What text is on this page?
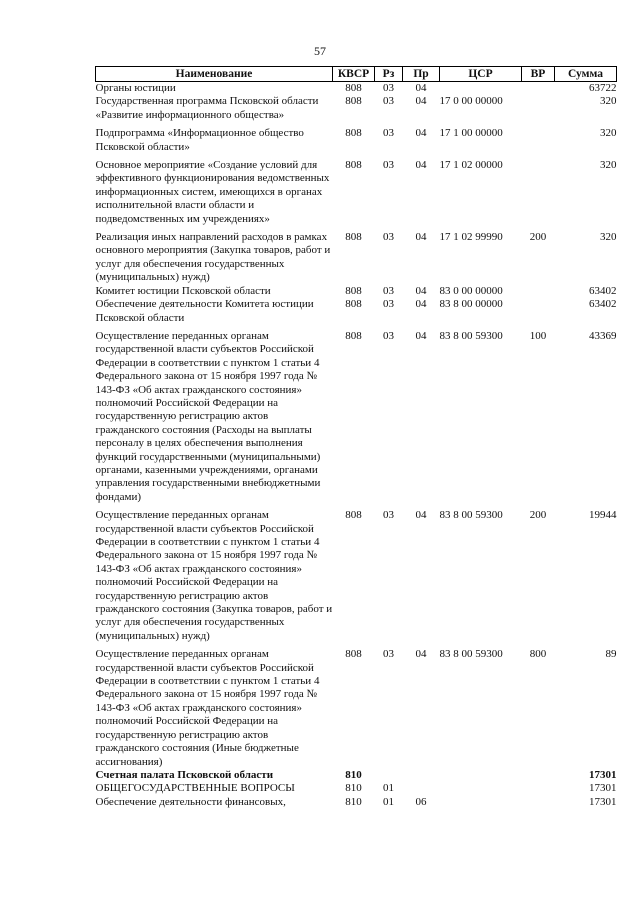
57
Наименование	КВСР	Рз	Пр	ЦСР	ВР	Сумма
Органы юстиции	808	03	04			63722
Государственная программа Псковской области «Развитие информационного общества»	808	03	04	17 0 00 00000		320
Подпрограмма «Информационное общество Псковской области»	808	03	04	17 1 00 00000		320
Основное мероприятие «Создание условий для эффективного функционирования ведомственных информационных систем, имеющихся в органах исполнительной власти области и подведомственных им учреждениях»	808	03	04	17 1 02 00000		320
Реализация иных направлений расходов в рамках основного мероприятия (Закупка товаров, работ и услуг для обеспечения государственных (муниципальных) нужд)	808	03	04	17 1 02 99990	200	320
Комитет юстиции Псковской области	808	03	04	83 0 00 00000		63402
Обеспечение деятельности Комитета юстиции Псковской области	808	03	04	83 8 00 00000		63402
Осуществление переданных органам государственной власти субъектов Российской Федерации в соответствии с пунктом 1 статьи 4 Федерального закона от 15 ноября 1997 года № 143-ФЗ «Об актах гражданского состояния» полномочий Российской Федерации на государственную регистрацию актов гражданского состояния (Расходы на выплаты персоналу в целях обеспечения выполнения функций государственными (муниципальными) органами, казенными учреждениями, органами управления государственными внебюджетными фондами)	808	03	04	83 8 00 59300	100	43369
Осуществление переданных органам государственной власти субъектов Российской Федерации в соответствии с пунктом 1 статьи 4 Федерального закона от 15 ноября 1997 года № 143-ФЗ «Об актах гражданского состояния» полномочий Российской Федерации на государственную регистрацию актов гражданского состояния (Закупка товаров, работ и услуг для обеспечения государственных (муниципальных) нужд)	808	03	04	83 8 00 59300	200	19944
Осуществление переданных органам государственной власти субъектов Российской Федерации в соответствии с пунктом 1 статьи 4 Федерального закона от 15 ноября 1997 года № 143-ФЗ «Об актах гражданского состояния» полномочий Российской Федерации на государственную регистрацию актов гражданского состояния (Иные бюджетные ассигнования)	808	03	04	83 8 00 59300	800	89
Счетная палата Псковской области	810					17301
ОБЩЕГОСУДАРСТВЕННЫЕ ВОПРОСЫ	810	01				17301
Обеспечение деятельности финансовых,	810	01	06			17301
